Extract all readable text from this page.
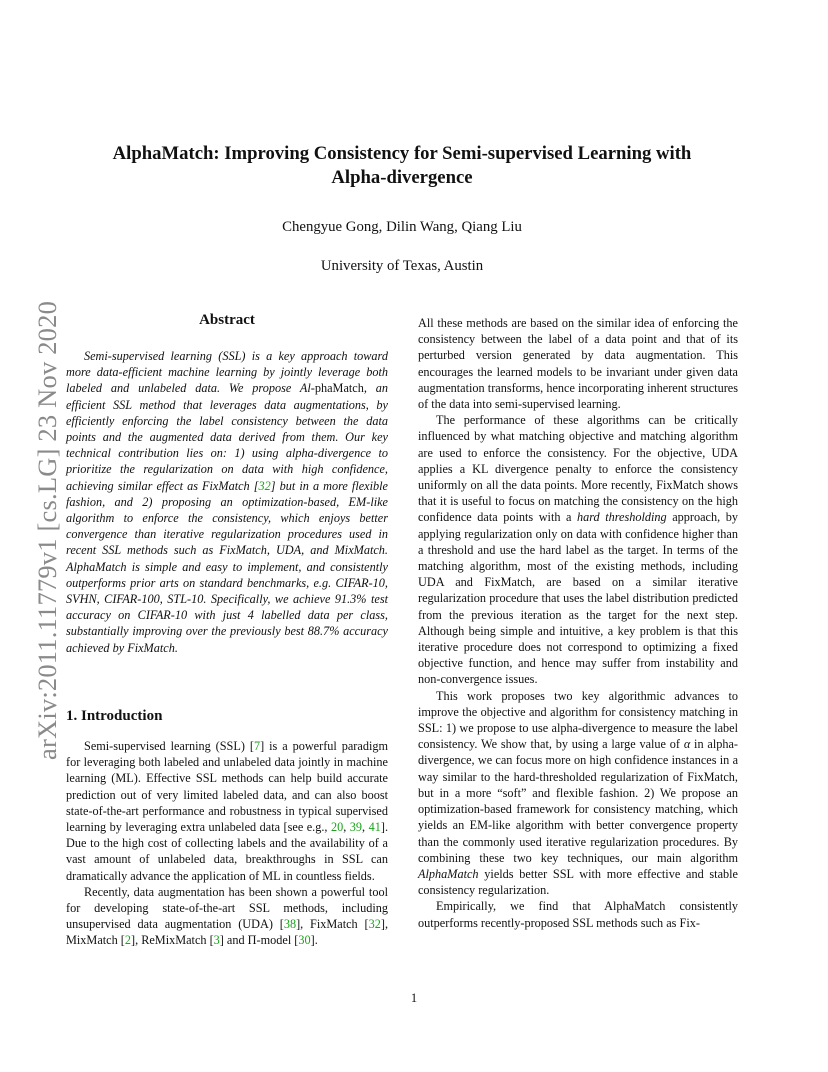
arXiv:2011.11779v1 [cs.LG] 23 Nov 2020
AlphaMatch: Improving Consistency for Semi-supervised Learning with
Alpha-divergence
Chengyue Gong, Dilin Wang, Qiang Liu
University of Texas, Austin
Abstract

Semi-supervised learning (SSL) is a key approach toward more data-efficient machine learning by jointly leverage both labeled and unlabeled data. We propose Al-phaMatch, an efficient SSL method that leverages data augmentations, by efficiently enforcing the label consistency between the data points and the augmented data derived from them. Our key technical contribution lies on: 1) using alpha-divergence to prioritize the regularization on data with high confidence, achieving similar effect as FixMatch [32] but in a more flexible fashion, and 2) proposing an optimization-based, EM-like algorithm to enforce the consistency, which enjoys better convergence than iterative regularization procedures used in recent SSL methods such as FixMatch, UDA, and MixMatch. AlphaMatch is simple and easy to implement, and consistently outperforms prior arts on standard benchmarks, e.g. CIFAR-10, SVHN, CIFAR-100, STL-10. Specifically, we achieve 91.3% test accuracy on CIFAR-10 with just 4 labelled data per class, substantially improving over the previously best 88.7% accuracy achieved by FixMatch.

1. Introduction

Semi-supervised learning (SSL) [7] is a powerful paradigm for leveraging both labeled and unlabeled data jointly in machine learning (ML). Effective SSL methods can help build accurate prediction out of very limited labeled data, and can also boost state-of-the-art performance and robustness in typical supervised learning by leveraging extra unlabeled data [see e.g., 20, 39, 41]. Due to the high cost of collecting labels and the availability of a vast amount of unlabeled data, breakthroughs in SSL can dramatically advance the application of ML in countless fields.

Recently, data augmentation has been shown a powerful tool for developing state-of-the-art SSL methods, including unsupervised data augmentation (UDA) [38], FixMatch [32], MixMatch [2], ReMixMatch [3] and Π-model [30].

All these methods are based on the similar idea of enforcing the consistency between the label of a data point and that of its perturbed version generated by data augmentation. This encourages the learned models to be invariant under given data augmentation transforms, hence incorporating inherent structures of the data into semi-supervised learning.

The performance of these algorithms can be critically influenced by what matching objective and matching algorithm are used to enforce the consistency. For the objective, UDA applies a KL divergence penalty to enforce the consistency uniformly on all the data points. More recently, FixMatch shows that it is useful to focus on matching the consistency on the high confidence data points with a hard thresholding approach, by applying regularization only on data with confidence higher than a threshold and use the hard label as the target. In terms of the matching algorithm, most of the existing methods, including UDA and FixMatch, are based on a similar iterative regularization procedure that uses the label distribution predicted from the previous iteration as the target for the next step. Although being simple and intuitive, a key problem is that this iterative procedure does not correspond to optimizing a fixed objective function, and hence may suffer from instability and non-convergence issues.

This work proposes two key algorithmic advances to improve the objective and algorithm for consistency matching in SSL: 1) we propose to use alpha-divergence to measure the label consistency. We show that, by using a large value of α in alpha-divergence, we can focus more on high confidence instances in a way similar to the hard-thresholded regularization of FixMatch, but in a more “soft” and flexible fashion. 2) We propose an optimization-based framework for consistency matching, which yields an EM-like algorithm with better convergence property than the commonly used iterative regularization procedures. By combining these two key techniques, our main algorithm AlphaMatch yields better SSL with more effective and stable consistency regularization.

Empirically, we find that AlphaMatch consistently outperforms recently-proposed SSL methods such as Fix-

1
